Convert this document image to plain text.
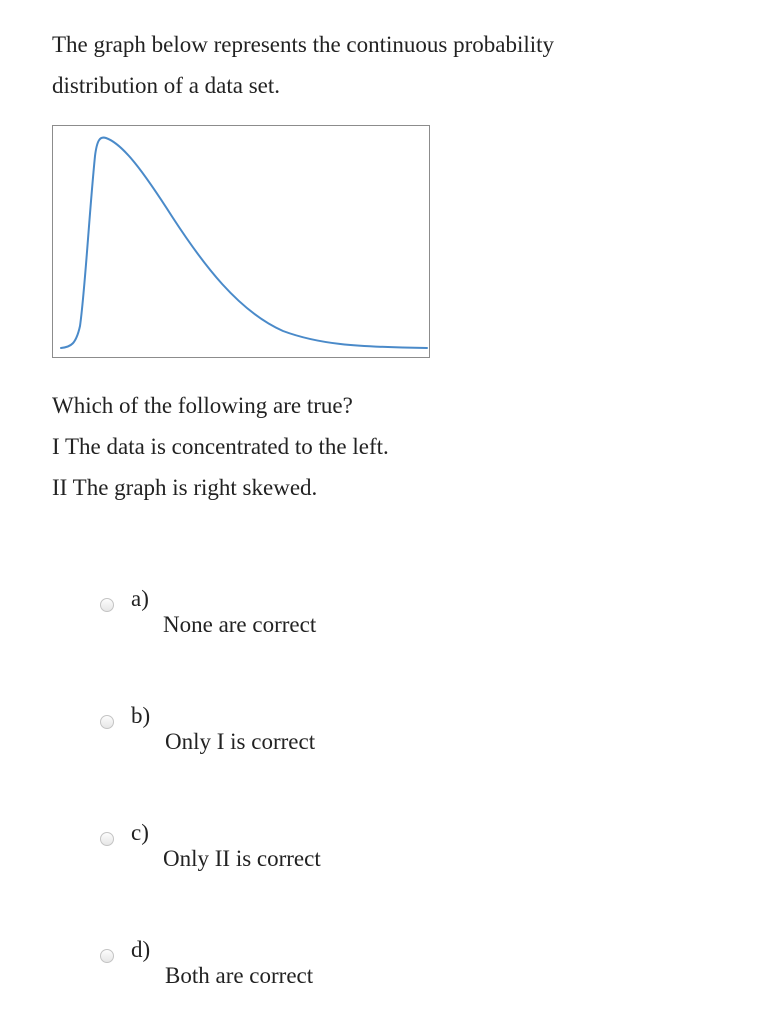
The graph below represents the continuous probability
distribution of a data set.
Which of the following are true?
I The data is concentrated to the left.
II The graph is right skewed.
a)
None are correct
b)
Only I is correct
c)
Only II is correct
d)
Both are correct
